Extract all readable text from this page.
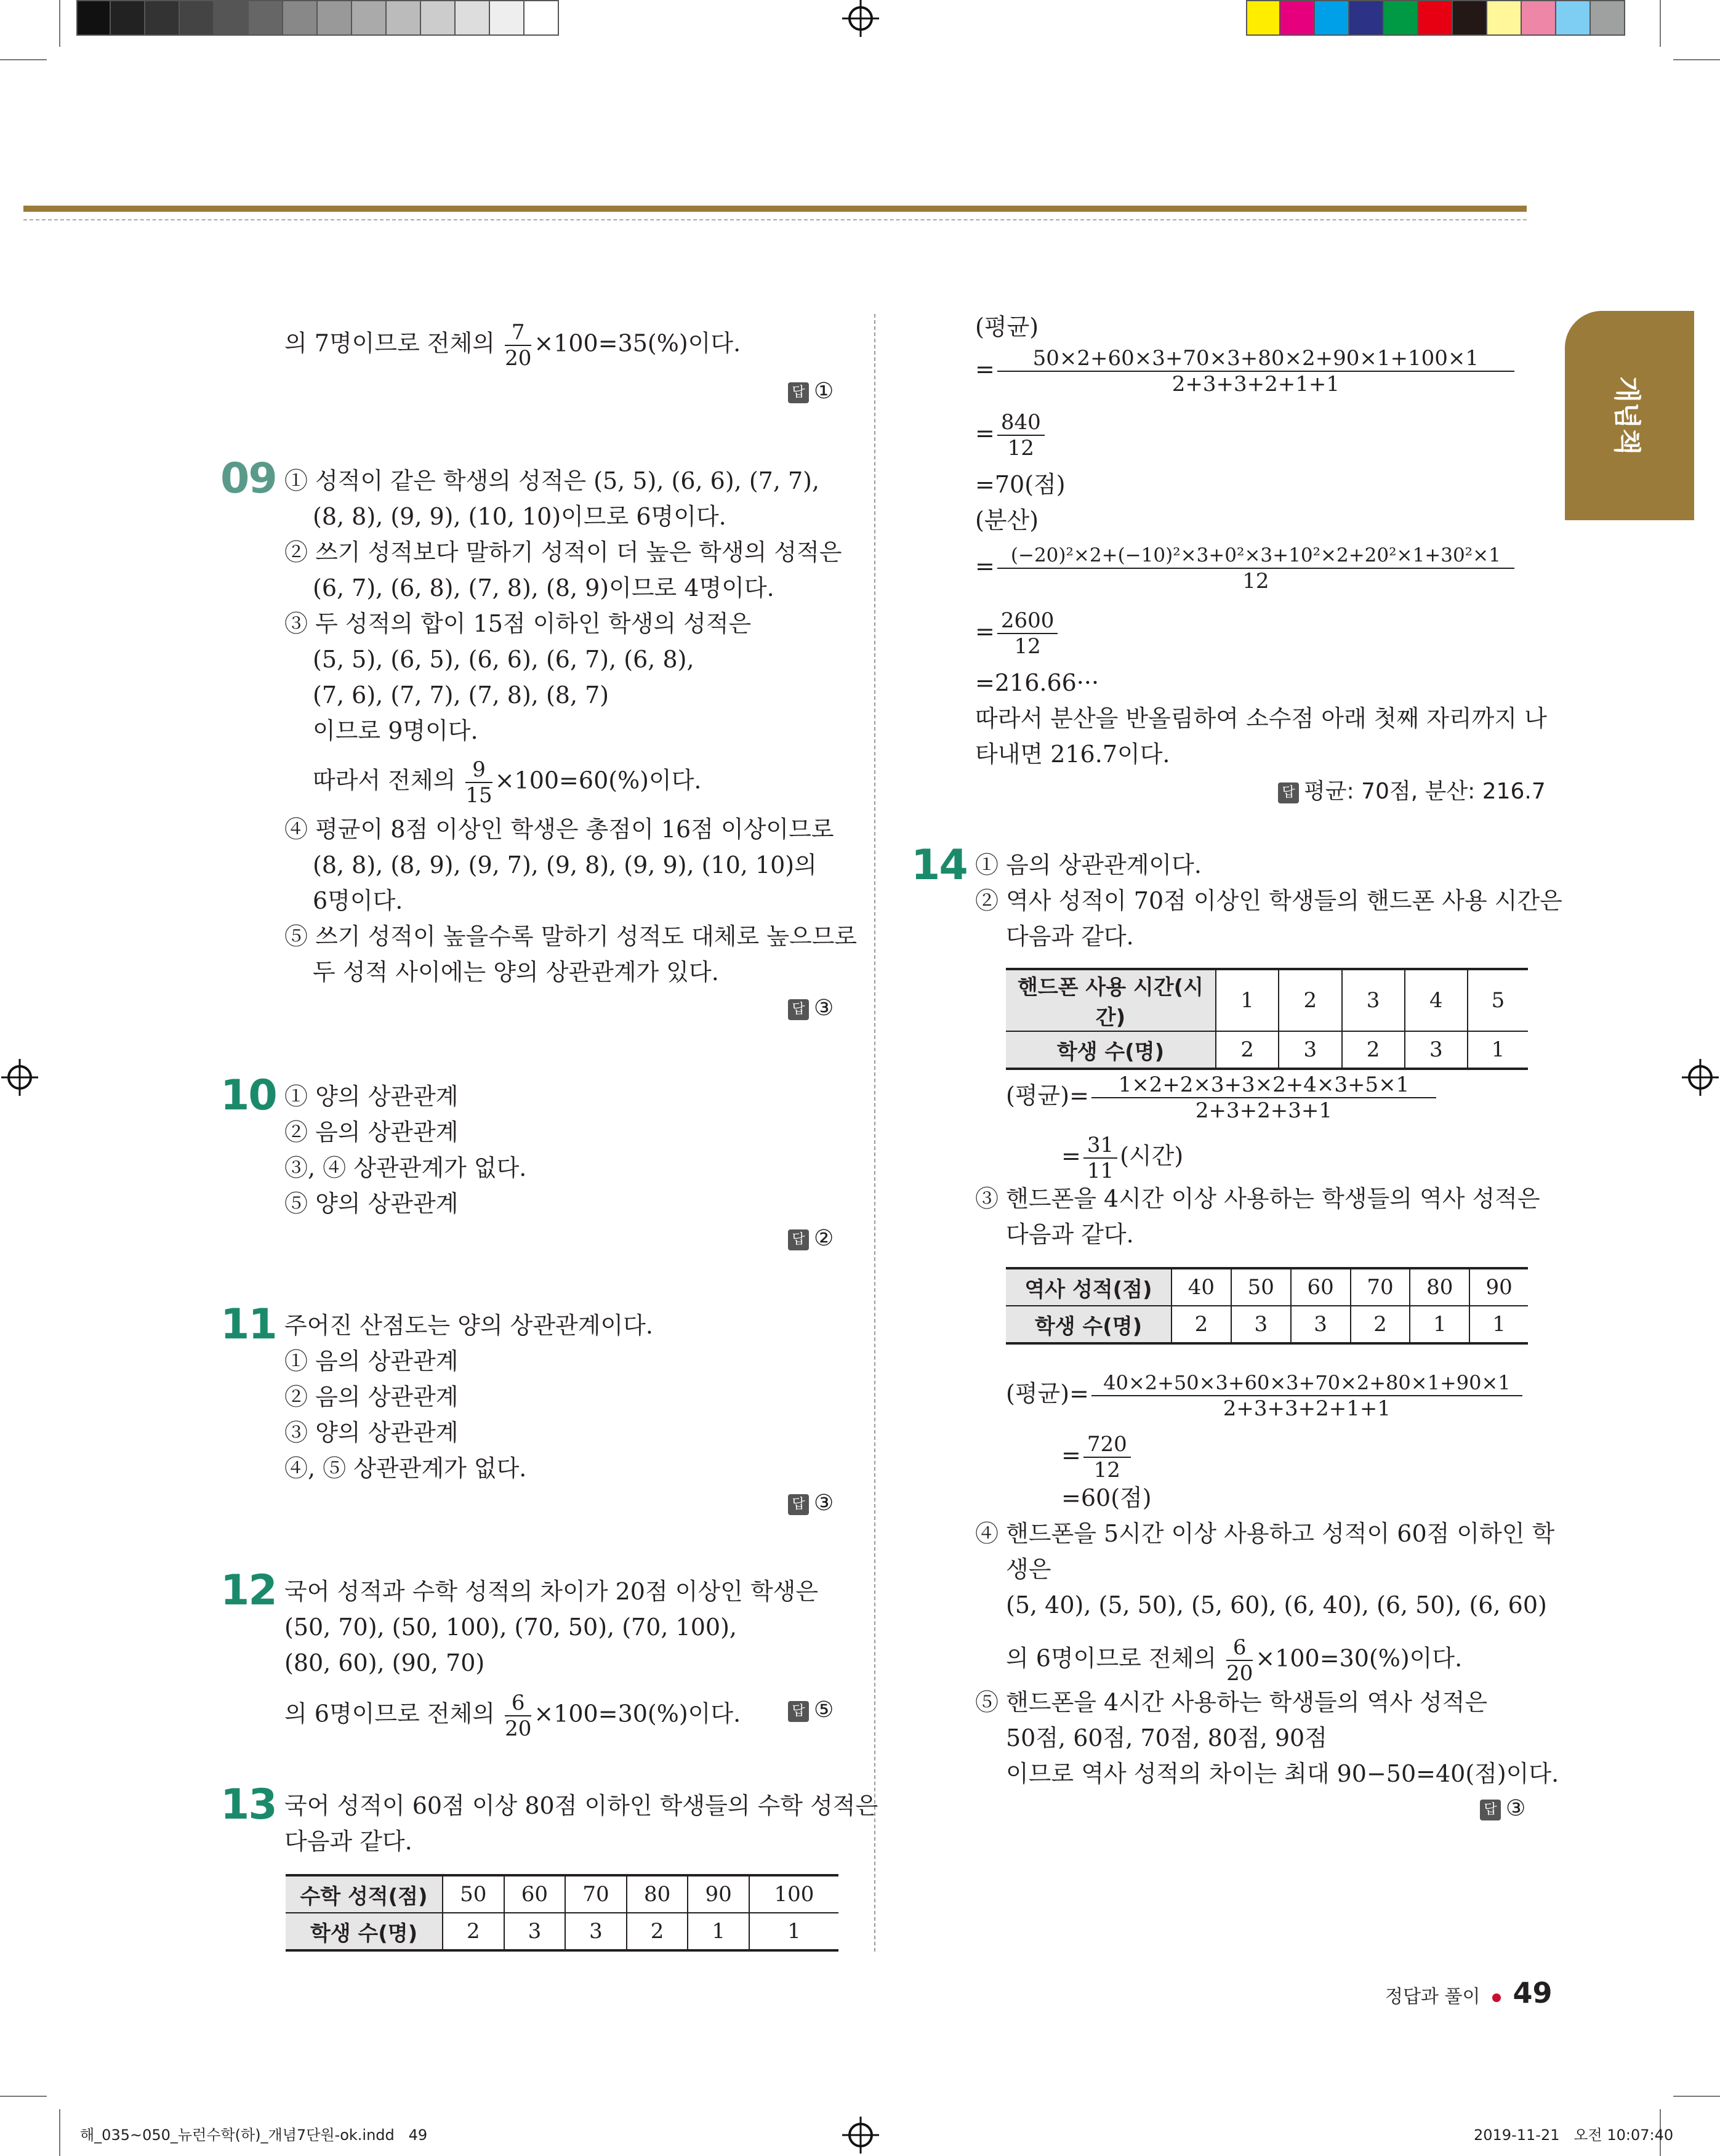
개념책
의 7명이므로 전체의 $\frac{7}{20} \times 100=35(\%)$이다.
답 ①
09 ① 성적이 같은 학생의 성적은 (5, 5), (6, 6), (7, 7),
(8, 8), (9, 9), (10, 10)이므로 6명이다.
② 쓰기 성적보다 말하기 성적이 더 높은 학생의 성적은
(6, 7), (6, 8), (7, 8), (8, 9)이므로 4명이다.
③ 두 성적의 합이 15점 이하인 학생의 성적은
(5, 5), (6, 5), (6, 6), (6, 7), (6, 8),
(7, 6), (7, 7), (7, 8), (8, 7)
이므로 9명이다.
따라서 전체의 $\frac{9}{15} \times 100=60(\%)$이다.
④ 평균이 8점 이상인 학생은 총점이 16점 이상이므로
(8, 8), (8, 9), (9, 7), (9, 8), (9, 9), (10, 10)의
6명이다.
⑤ 쓰기 성적이 높을수록 말하기 성적도 대체로 높으므로
두 성적 사이에는 양의 상관관계가 있다.
답 ③
10 ① 양의 상관관계
② 음의 상관관계
③, ④ 상관관계가 없다.
⑤ 양의 상관관계
답 ②
11 주어진 산점도는 양의 상관관계이다.
① 음의 상관관계
② 음의 상관관계
③ 양의 상관관계
④, ⑤ 상관관계가 없다.
답 ③
12 국어 성적과 수학 성적의 차이가 20점 이상인 학생은
(50, 70), (50, 100), (70, 50), (70, 100),
(80, 60), (90, 70)
의 6명이므로 전체의 $\frac{6}{20} \times 100=30(\%)$이다.	답 ⑤
13 국어 성적이 60점 이상 80점 이하인 학생들의 수학 성적은
다음과 같다.
수학 성적(점)	50	60	70	80	90	100
학생 수(명)	2	3	3	2	1	1
(평균)
= $\frac{50\times 2+60\times 3+70\times 3+80\times 2+90\times 1+100\times 1}{2+3+3+2+1+1}$
= $\frac{840}{12}$
=70(점)
(분산)
= $\frac{\text{(−20)²×2+(−10)²×3+0²×3+10²×2+20²×1+30²×1}}{12}$
= $\frac{2600}{12}$
=216.66···
따라서 분산을 반올림하여 소수점 아래 첫째 자리까지 나
타내면 216.7이다.
답 평균: 70점, 분산: 216.7
14 ① 음의 상관관계이다.
② 역사 성적이 70점 이상인 학생들의 핸드폰 사용 시간은
다음과 같다.
핸드폰 사용 시간(시간)	1	2	3	4	5
학생 수(명)	2	3	2	3	1
(평균)= $\frac{1\times 2+2\times 3+3\times 2+4\times 3+5\times 1}{2+3+2+3+1}$
= $\frac{31}{11}$ (시간)
③ 핸드폰을 4시간 이상 사용하는 학생들의 역사 성적은
다음과 같다.
역사 성적(점)	40	50	60	70	80	90
학생 수(명)	2	3	3	2	1	1
(평균)= $\frac{40\times 2+50\times 3+60\times 3+70\times 2+80\times 1+90\times 1}{2+3+3+2+1+1}$
= $\frac{720}{12}$
=60(점)
④ 핸드폰을 5시간 이상 사용하고 성적이 60점 이하인 학
생은
(5, 40), (5, 50), (5, 60), (6, 40), (6, 50), (6, 60)
의 6명이므로 전체의 $\frac{6}{20} \times 100=30(\%)$이다.
⑤ 핸드폰을 4시간 사용하는 학생들의 역사 성적은
50점, 60점, 70점, 80점, 90점
이므로 역사 성적의 차이는 최대 90−50=40(점)이다.
답 ③
정답과 풀이 49
해_035~050_뉴런수학(하)_개념7단원-ok.indd   49	2019-11-21   오전 10:07:40
